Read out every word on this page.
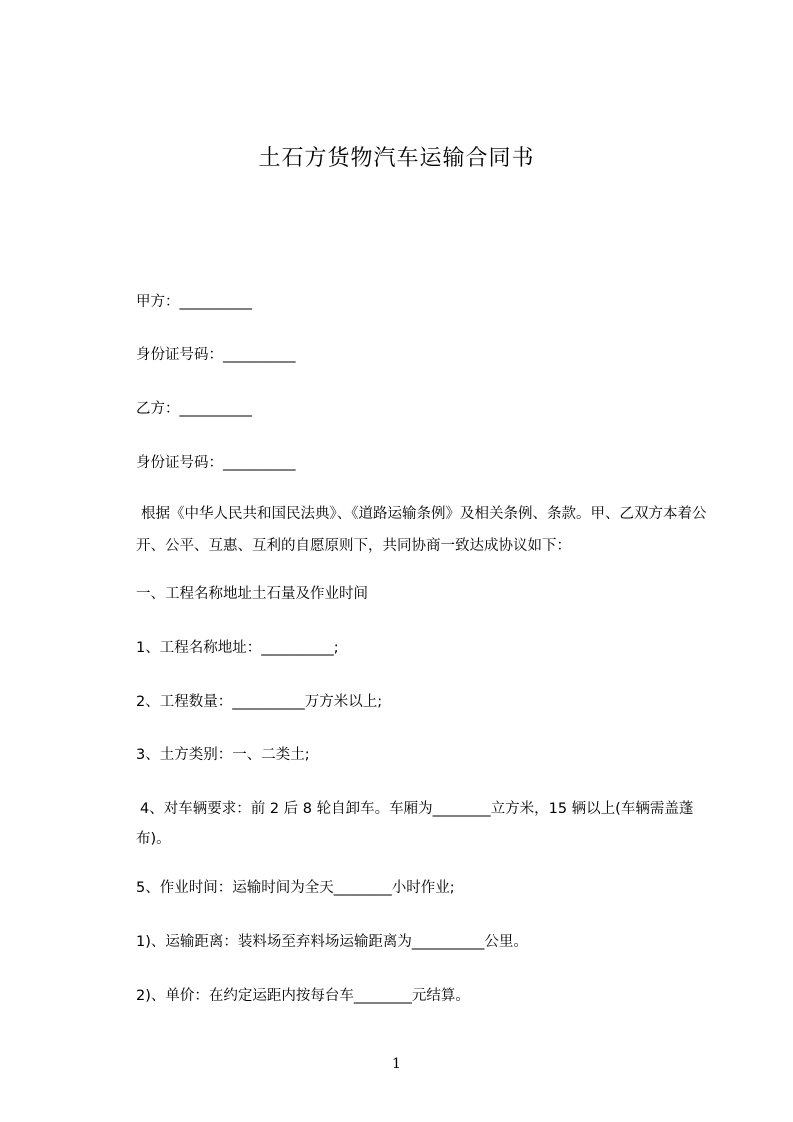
土石方货物汽车运输合同书
甲方：__________
身份证号码：__________
乙方：__________
身份证号码：__________
根据《中华人民共和国民法典》、《道路运输条例》及相关条例、条款。甲、乙双方本着公开、公平、互惠、互利的自愿原则下，共同协商一致达成协议如下：
一、工程名称地址土石量及作业时间
1、工程名称地址：__________;
2、工程数量：__________万方米以上;
3、土方类别：一、二类土;
4、对车辆要求：前 2 后 8 轮自卸车。车厢为________立方米，15 辆以上(车辆需盖蓬布)。
5、作业时间：运输时间为全天________小时作业;
1)、运输距离：装料场至弃料场运输距离为__________公里。
2)、单价：在约定运距内按每台车________元结算。
1
